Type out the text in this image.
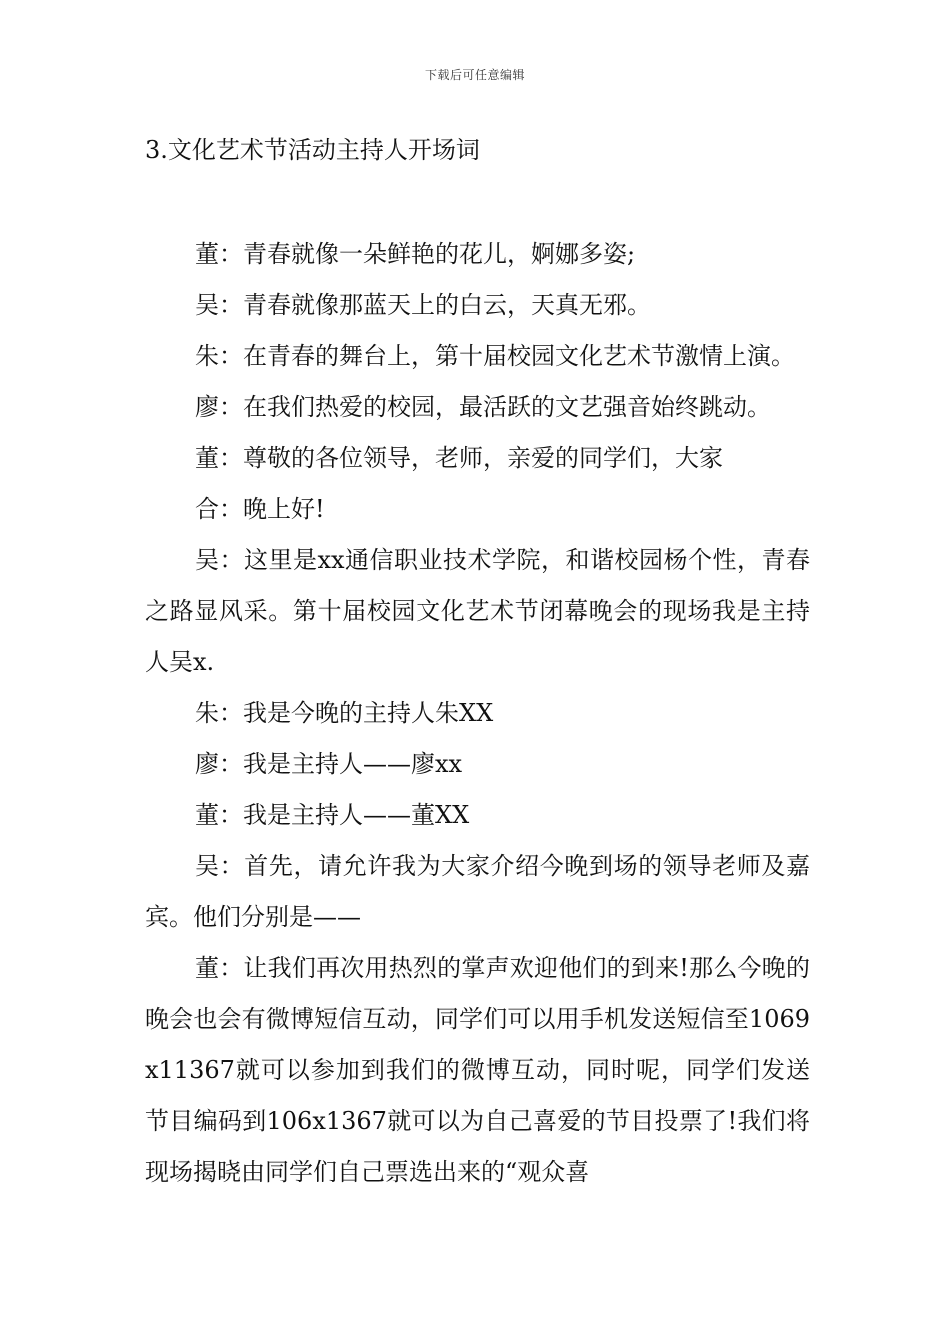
下载后可任意编辑
3.文化艺术节活动主持人开场词

董：青春就像一朵鲜艳的花儿，婀娜多姿;

吴：青春就像那蓝天上的白云，天真无邪。

朱：在青春的舞台上，第十届校园文化艺术节激情上演。

廖：在我们热爱的校园，最活跃的文艺强音始终跳动。

董：尊敬的各位领导，老师，亲爱的同学们，大家

合：晚上好!

吴：这里是xx通信职业技术学院，和谐校园杨个性，青春之路显风采。第十届校园文化艺术节闭幕晚会的现场我是主持人吴x.

朱：我是今晚的主持人朱XX

廖：我是主持人——廖xx

董：我是主持人——董XX

吴：首先，请允许我为大家介绍今晚到场的领导老师及嘉宾。他们分别是——

董：让我们再次用热烈的掌声欢迎他们的到来!那么今晚的晚会也会有微博短信互动，同学们可以用手机发送短信至1069x11367就可以参加到我们的微博互动，同时呢，同学们发送节目编码到106x1367就可以为自己喜爱的节目投票了!我们将现场揭晓由同学们自己票选出来的“观众喜
